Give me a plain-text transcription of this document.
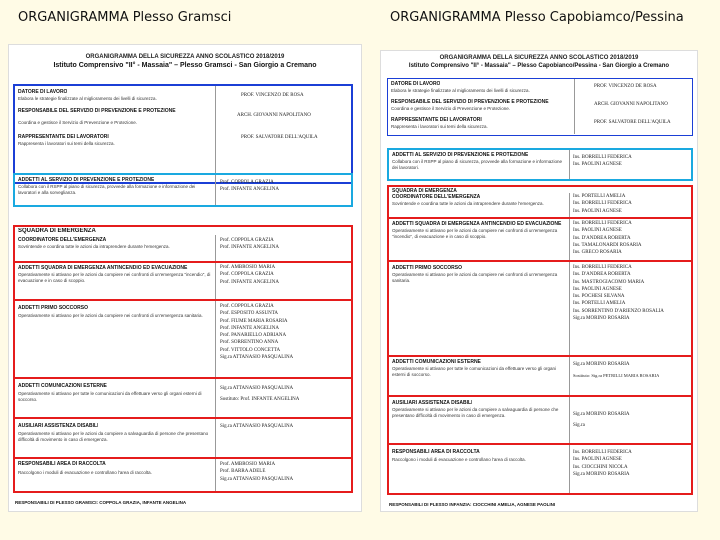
ORGANIGRAMMA Plesso Gramsci	ORGANIGRAMMA Plesso Capobiamco/Pessina
ORGANIGRAMMA DELLA SICUREZZA ANNO SCOLASTICO 2018/2019
Istituto Comprensivo "II° - Massaia" – Plesso Gramsci - San Giorgio a Cremano
DATORE DI LAVORO
Elabora le strategie finalizzate al miglioramento dei livelli di sicurezza.
PROF. VINCENZO DE ROSA
RESPONSABILE DEL SERVIZIO DI PREVENZIONE E PROTEZIONE
Coordina e gestisce il Servizio di Prevenzione e Protezione.
ARCH. GIOVANNI NAPOLITANO
RAPPRESENTANTE DEI LAVORATORI
Rappresenta i lavoratori sui temi della sicurezza.
PROF. SALVATORE DELL'AQUILA
ADDETTI AL SERVIZIO DI PREVENZIONE E PROTEZIONE
Collabora con il RSPP al piano di sicurezza, provvede alla formazione e informazione dei lavoratori e alla sorveglianza.
Prof. COPPOLA GRAZIA
Prof. INFANTE ANGELINA
SQUADRA DI EMERGENZA
COORDINATORE DELL'EMERGENZA
Sovrintende e coordina tutte le azioni da intraprendere durante l'emergenza.
Prof. COPPOLA GRAZIA
Prof. INFANTE ANGELINA
ADDETTI SQUADRA DI EMERGENZA ANTINCENDIO ED EVACUAZIONE
Operativamente si attivano per le azioni da compiere nei confronti di un'emergenza "incendio", di evacuazione e in caso di scoppio.
Prof. AMBROSIO MARIA
Prof. COPPOLA GRAZIA
Prof. INFANTE ANGELINA
ADDETTI PRIMO SOCCORSO
Operativamente si attivano per le azioni da compiere nei confronti di un'emergenza sanitaria.
Prof. COPPOLA GRAZIA
Prof. ESPOSITO ASSUNTA
Prof. FIUME MARIA ROSARIA
Prof. INFANTE ANGELINA
Prof. PANARIELLO ADRIANA
Prof. SORRENTINO ANNA
Prof. VITTOLO CONCETTA
Sig.ra ATTANASIO PASQUALINA
ADDETTI COMUNICAZIONI ESTERNE
Operativamente si attivano per tutte le comunicazioni da effettuare verso gli organi esterni di soccorso.
Sig.ra ATTANASIO PASQUALINA
Sostituto: Prof. INFANTE ANGELINA
AUSILIARI ASSISTENZA DISABILI
Operativamente si attivano per le azioni da compiere a salvaguardia di persone che presentano difficoltà di movimento in caso di emergenza.
Sig.ra ATTANASIO PASQUALINA
RESPONSABILI AREA DI RACCOLTA
Raccolgono i moduli di evacuazione e controllano l'area di raccolta.
Prof. AMBROSIO MARIA
Prof. BARRA ADELE
Sig.ra ATTANASIO PASQUALINA
RESPONSABILI DI PLESSO GRAMSCI: COPPOLA GRAZIA, INFANTE ANGELINA
ORGANIGRAMMA DELLA SICUREZZA ANNO SCOLASTICO 2018/2019
Istituto Comprensivo "II° - Massaia" – Plesso Capobianco/Pessina - San Giorgio a Cremano
DATORE DI LAVORO
Elabora le strategie finalizzate al miglioramento dei livelli di sicurezza.
PROF. VINCENZO DE ROSA
RESPONSABILE DEL SERVIZIO DI PREVENZIONE E PROTEZIONE
Coordina e gestisce il Servizio di Prevenzione e Protezione.
ARCH. GIOVANNI NAPOLITANO
RAPPRESENTANTE DEI LAVORATORI
Rappresenta i lavoratori sui temi della sicurezza.
PROF. SALVATORE DELL'AQUILA
ADDETTI AL SERVIZIO DI PREVENZIONE E PROTEZIONE
Collabora con il RSPP al piano di sicurezza, provvede alla formazione e informazione dei lavoratori.
Ins. BORRELLI FEDERICA
Ins. PAOLINI AGNESE
SQUADRA DI EMERGENZA
COORDINATORE DELL'EMERGENZA
Sovrintende e coordina tutte le azioni da intraprendere durante l'emergenza.
Ins. PORTELLI AMELIA
Ins. BORRELLI FEDERICA
Ins. PAOLINI AGNESE
ADDETTI SQUADRA DI EMERGENZA ANTINCENDIO ED EVACUAZIONE
Operativamente si attivano per le azioni da compiere nei confronti di un'emergenza "incendio", di evacuazione e in caso di scoppio.
Ins. BORRELLI FEDERICA
Ins. PAOLINI AGNESE
Ins. D'ANDREA ROBERTA
Ins. TAMALONARDI ROSARIA
Ins. GRECO ROSARIA
ADDETTI PRIMO SOCCORSO
Operativamente si attivano per le azioni da compiere nei confronti di un'emergenza sanitaria.
Ins. BORRELLI FEDERICA
Ins. D'ANDREA ROBERTA
Ins. MASTROGIACOMO MARIA
Ins. PAOLINI AGNESE
Ins. POCHESI SILVANA
Ins. PORTELLI AMELIA
Ins. SORRENTINO D'ARIENZO ROSALIA
Sig.ra MORINO ROSARIA
ADDETTI COMUNICAZIONI ESTERNE
Operativamente si attivano per tutte le comunicazioni da effettuare verso gli organi esterni di soccorso.
Sig.ra MORINO ROSARIA
Sostituto: Sig.ra PETRILLI MARIA ROSARIA
AUSILIARI ASSISTENZA DISABILI
Operativamente si attivano per le azioni da compiere a salvaguardia di persone che presentano difficoltà di movimento in caso di emergenza.	Sig.ra MORINO ROSARIA
Sig.ra
RESPONSABILI AREA DI RACCOLTA
Raccolgono i moduli di evacuazione e controllano l'area di raccolta.
Ins. BORRELLI FEDERICA
Ins. PAOLINI AGNESE
Ins. CIOCCHINI NICOLA
Sig.ra MORINO ROSARIA
RESPONSABILI DI PLESSO INFANZIA: CIOCCHINI AMELIA, AGNESE PAOLINI
